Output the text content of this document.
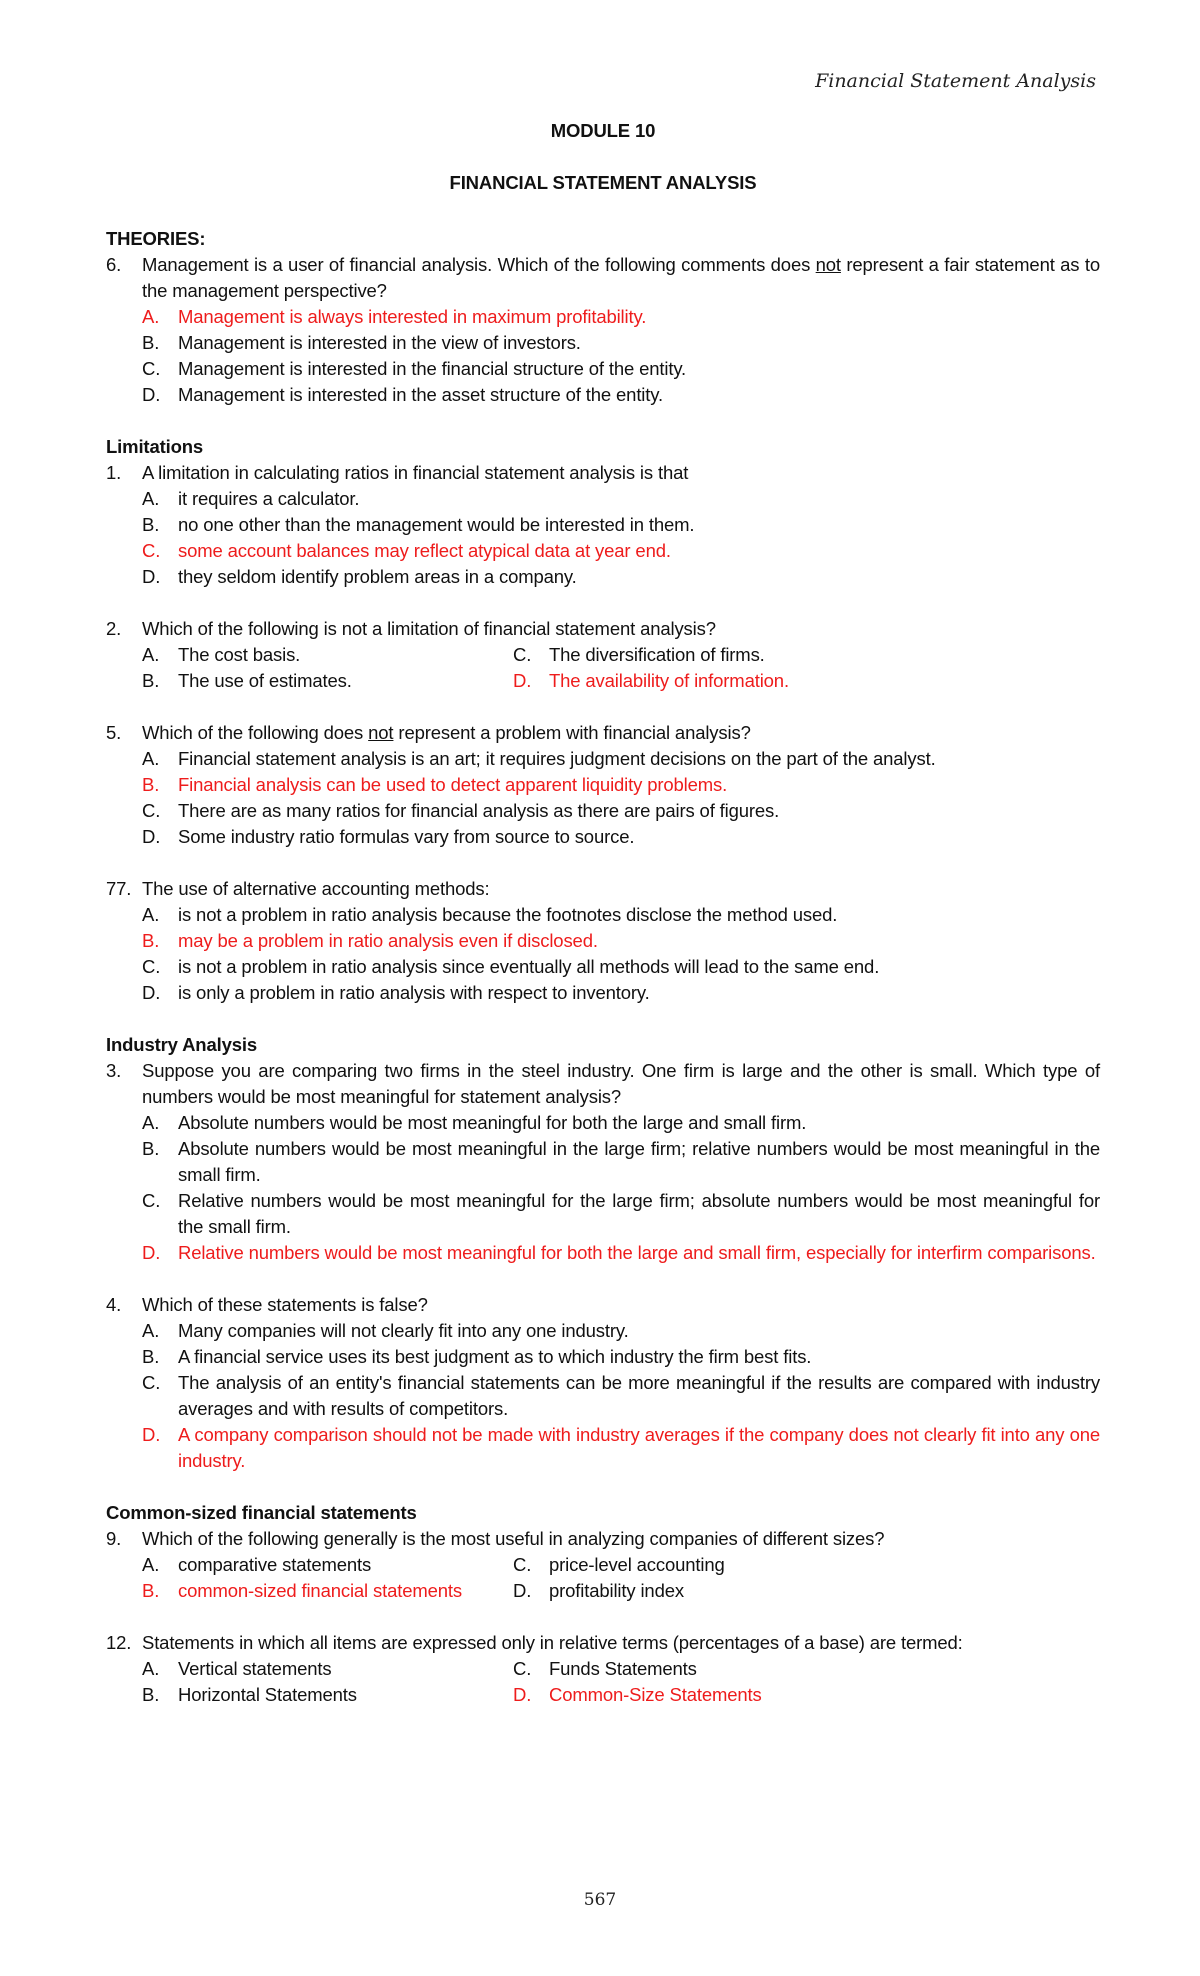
Financial Statement Analysis
MODULE 10
FINANCIAL STATEMENT ANALYSIS
THEORIES:
6.	Management is a user of financial analysis. Which of the following comments does not represent a fair statement as to the management perspective?
A.	Management is always interested in maximum profitability.
B.	Management is interested in the view of investors.
C. Management is interested in the financial structure of the entity.
D. Management is interested in the asset structure of the entity.
Limitations
1.	A limitation in calculating ratios in financial statement analysis is that
A.	it requires a calculator.
B.	no one other than the management would be interested in them.
C. some account balances may reflect atypical data at year end.
D. they seldom identify problem areas in a company.
2.	Which of the following is not a limitation of financial statement analysis?
A.	The cost basis.	C. The diversification of firms.
B.	The use of estimates.	D. The availability of information.
5.	Which of the following does not represent a problem with financial analysis?
A.	Financial statement analysis is an art; it requires judgment decisions on the part of the analyst.
B.	Financial analysis can be used to detect apparent liquidity problems.
C. There are as many ratios for financial analysis as there are pairs of figures.
D. Some industry ratio formulas vary from source to source.
77. The use of alternative accounting methods:
A.	is not a problem in ratio analysis because the footnotes disclose the method used.
B.	may be a problem in ratio analysis even if disclosed.
C. is not a problem in ratio analysis since eventually all methods will lead to the same end.
D. is only a problem in ratio analysis with respect to inventory.
Industry Analysis
3.	Suppose you are comparing two firms in the steel industry. One firm is large and the other is small. Which type of numbers would be most meaningful for statement analysis?
A.	Absolute numbers would be most meaningful for both the large and small firm.
B.	Absolute numbers would be most meaningful in the large firm; relative numbers would be most meaningful in the small firm.
C. Relative numbers would be most meaningful for the large firm; absolute numbers would be most meaningful for the small firm.
D. Relative numbers would be most meaningful for both the large and small firm, especially for interfirm comparisons.
4.	Which of these statements is false?
A.	Many companies will not clearly fit into any one industry.
B.	A financial service uses its best judgment as to which industry the firm best fits.
C. The analysis of an entity's financial statements can be more meaningful if the results are compared with industry averages and with results of competitors.
D. A company comparison should not be made with industry averages if the company does not clearly fit into any one industry.
Common-sized financial statements
9.	Which of the following generally is the most useful in analyzing companies of different sizes?
A.	comparative statements	C. price-level accounting
B.	common-sized financial statements	D. profitability index
12. Statements in which all items are expressed only in relative terms (percentages of a base) are termed:
A.	Vertical statements	C. Funds Statements
B.	Horizontal Statements	D. Common-Size Statements
567
